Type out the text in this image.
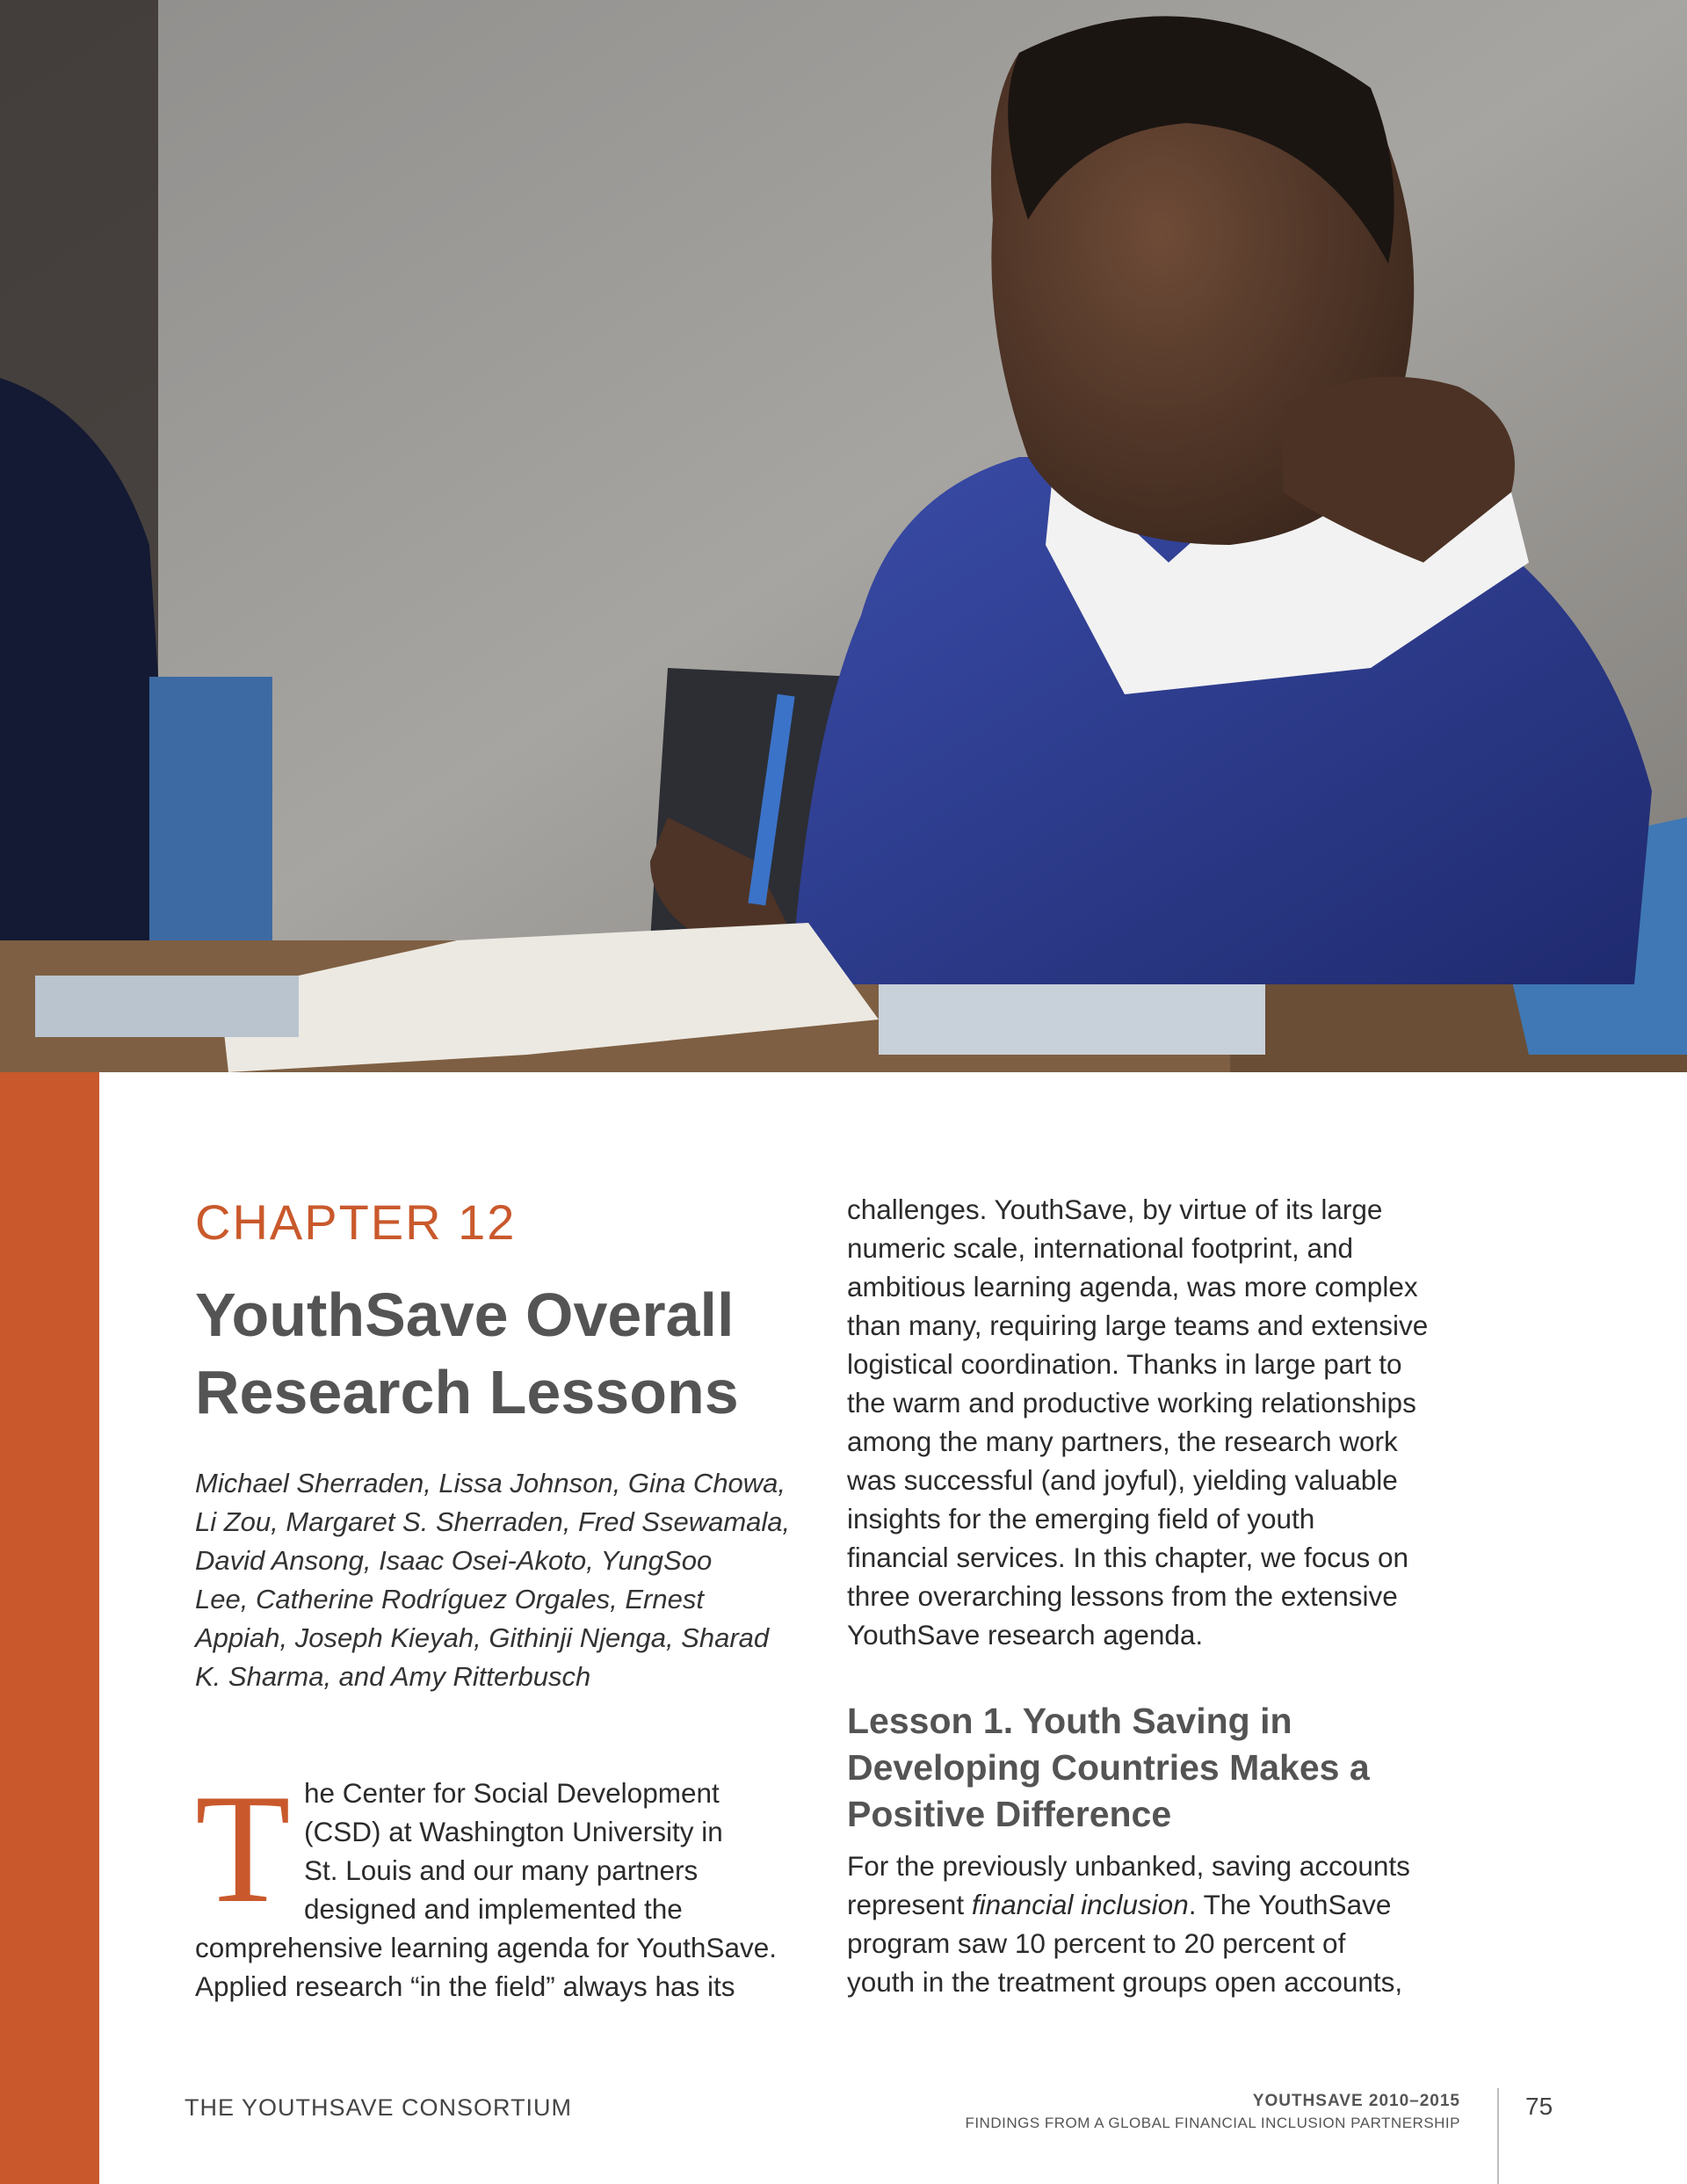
CHAPTER 12
YouthSave Overall
Research Lessons
Michael Sherraden, Lissa Johnson, Gina Chowa,
Li Zou, Margaret S. Sherraden, Fred Ssewamala,
David Ansong, Isaac Osei-Akoto, YungSoo
Lee, Catherine Rodríguez Orgales, Ernest
Appiah, Joseph Kieyah, Githinji Njenga, Sharad
K. Sharma, and Amy Ritterbusch
T he Center for Social Development
(CSD) at Washington University in
St. Louis and our many partners
designed and implemented the
comprehensive learning agenda for YouthSave.
Applied research “in the field” always has its
challenges. YouthSave, by virtue of its large
numeric scale, international footprint, and
ambitious learning agenda, was more complex
than many, requiring large teams and extensive
logistical coordination. Thanks in large part to
the warm and productive working relationships
among the many partners, the research work
was successful (and joyful), yielding valuable
insights for the emerging field of youth
financial services. In this chapter, we focus on
three overarching lessons from the extensive
YouthSave research agenda.
Lesson 1. Youth Saving in
Developing Countries Makes a
Positive Difference
For the previously unbanked, saving accounts
represent financial inclusion. The YouthSave
program saw 10 percent to 20 percent of
youth in the treatment groups open accounts,
THE YOUTHSAVE CONSORTIUM	YOUTHSAVE 2010–2015
FINDINGS FROM A GLOBAL FINANCIAL INCLUSION PARTNERSHIP
75
